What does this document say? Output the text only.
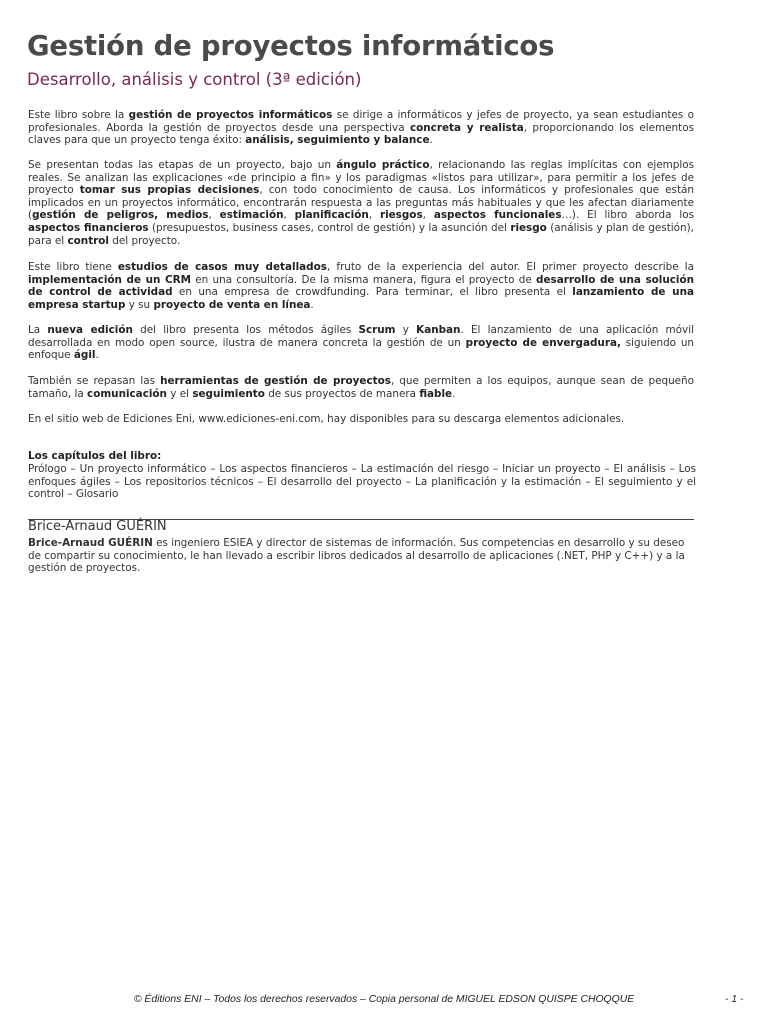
Gestión de proyectos informáticos
Desarrollo, análisis y control (3ª edición)

Este libro sobre la gestión de proyectos informáticos se dirige a informáticos y jefes de proyecto, ya sean estudiantes o profesionales. Aborda la gestión de proyectos desde una perspectiva concreta y realista, proporcionando los elementos claves para que un proyecto tenga éxito: análisis, seguimiento y balance.

Se presentan todas las etapas de un proyecto, bajo un ángulo práctico, relacionando las reglas implícitas con ejemplos reales. Se analizan las explicaciones «de principio a fin» y los paradigmas «listos para utilizar», para permitir a los jefes de proyecto tomar sus propias decisiones, con todo conocimiento de causa. Los informáticos y profesionales que están implicados en un proyectos informático, encontrarán respuesta a las preguntas más habituales y que les afectan diariamente (gestión de peligros, medios, estimación, planificación, riesgos, aspectos funcionales…). El libro aborda los aspectos financieros (presupuestos, business cases, control de gestión) y la asunción del riesgo (análisis y plan de gestión), para el control del proyecto.

Este libro tiene estudios de casos muy detallados, fruto de la experiencia del autor. El primer proyecto describe la implementación de un CRM en una consultoría. De la misma manera, figura el proyecto de desarrollo de una solución de control de actividad en una empresa de crowdfunding. Para terminar, el libro presenta el lanzamiento de una empresa startup y su proyecto de venta en línea.

La nueva edición del libro presenta los métodos ágiles Scrum y Kanban. El lanzamiento de una aplicación móvil desarrollada en modo open source, ilustra de manera concreta la gestión de un proyecto de envergadura, siguiendo un enfoque ágil.

También se repasan las herramientas de gestión de proyectos, que permiten a los equipos, aunque sean de pequeño tamaño, la comunicación y el seguimiento de sus proyectos de manera fiable.

En el sitio web de Ediciones Eni, www.ediciones-eni.com, hay disponibles para su descarga elementos adicionales.

Los capítulos del libro:
Prólogo – Un proyecto informático – Los aspectos financieros – La estimación del riesgo – Iniciar un proyecto – El análisis – Los enfoques ágiles – Los repositorios técnicos – El desarrollo del proyecto – La planificación y la estimación – El seguimiento y el control – Glosario
Brice-Arnaud GUÉRIN
Brice-Arnaud GUÉRIN es ingeniero ESIEA y director de sistemas de información. Sus competencias en desarrollo y su deseo de compartir su conocimiento, le han llevado a escribir libros dedicados al desarrollo de aplicaciones (.NET, PHP y C++) y a la gestión de proyectos.
© Éditions ENI – Todos los derechos reservados – Copia personal de MIGUEL EDSON QUISPE CHOQQUE	- 1 -
